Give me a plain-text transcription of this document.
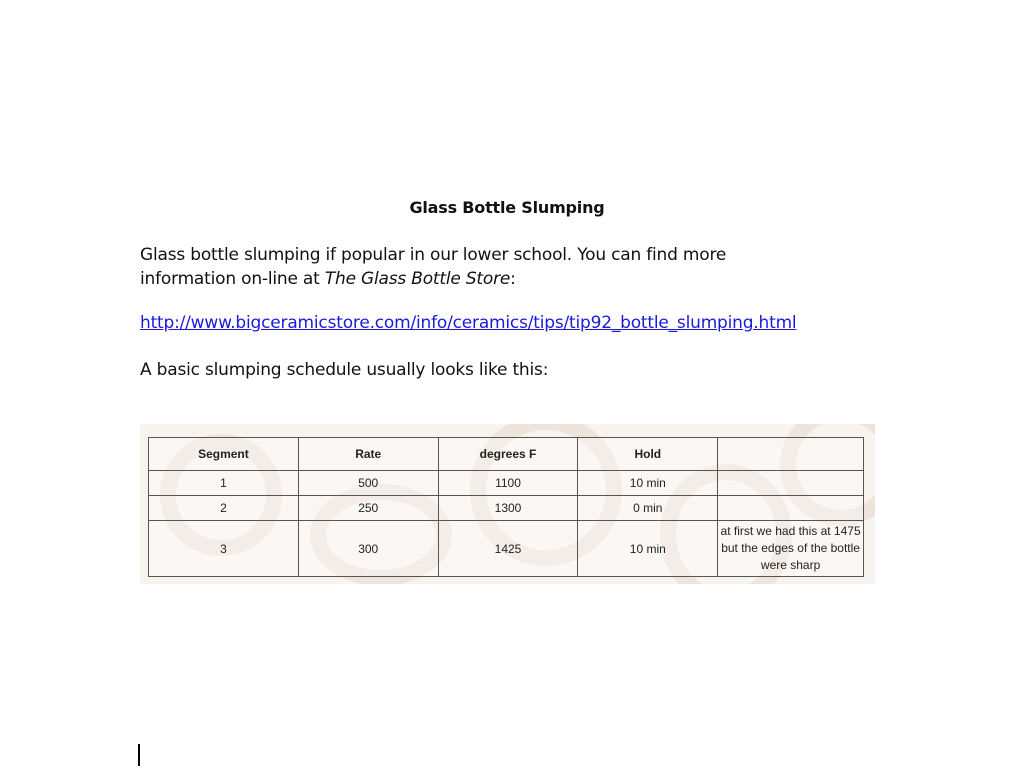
Glass Bottle Slumping
Glass bottle slumping if popular in our lower school. You can find more
information on-line at The Glass Bottle Store:
http://www.bigceramicstore.com/info/ceramics/tips/tip92_bottle_slumping.html
A basic slumping schedule usually looks like this:
Segment	Rate	degrees F	Hold	
1	500	1100	10 min	
2	250	1300	0 min	
3	300	1425	10 min	at first we had this at 1475 but the edges of the bottle were sharp
